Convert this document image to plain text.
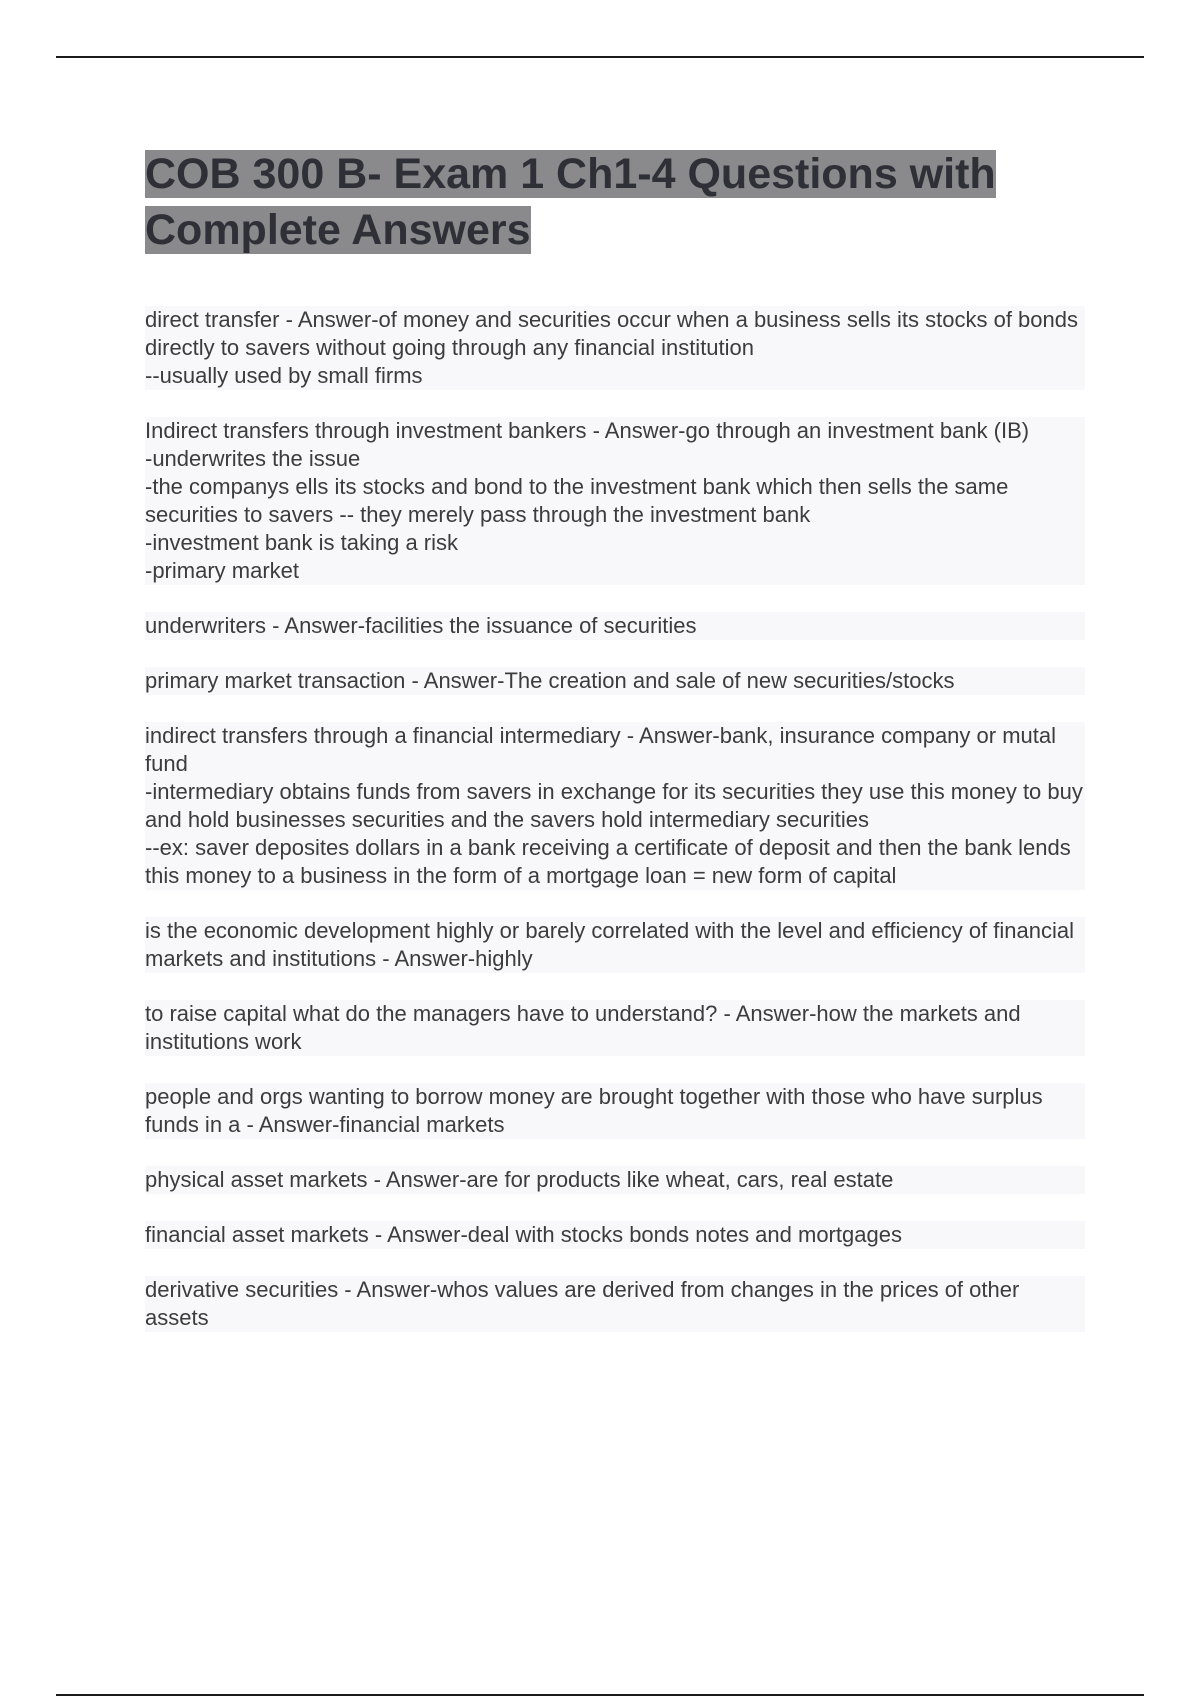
COB 300 B- Exam 1 Ch1-4 Questions with Complete Answers

direct transfer - Answer-of money and securities occur when a business sells its stocks of bonds directly to savers without going through any financial institution
--usually used by small firms

Indirect transfers through investment bankers - Answer-go through an investment bank (IB)
-underwrites the issue
-the companys ells its stocks and bond to the investment bank which then sells the same securities to savers -- they merely pass through the investment bank
-investment bank is taking a risk
-primary market

underwriters - Answer-facilities the issuance of securities

primary market transaction - Answer-The creation and sale of new securities/stocks

indirect transfers through a financial intermediary - Answer-bank, insurance company or mutal fund
-intermediary obtains funds from savers in exchange for its securities they use this money to buy and hold businesses securities and the savers hold intermediary securities
--ex: saver deposites dollars in a bank receiving a certificate of deposit and then the bank lends this money to a business in the form of a mortgage loan = new form of capital

is the economic development highly or barely correlated with the level and efficiency of financial markets and institutions - Answer-highly

to raise capital what do the managers have to understand? - Answer-how the markets and institutions work

people and orgs wanting to borrow money are brought together with those who have surplus funds in a - Answer-financial markets

physical asset markets - Answer-are for products like wheat, cars, real estate

financial asset markets - Answer-deal with stocks bonds notes and mortgages

derivative securities - Answer-whos values are derived from changes in the prices of other assets
